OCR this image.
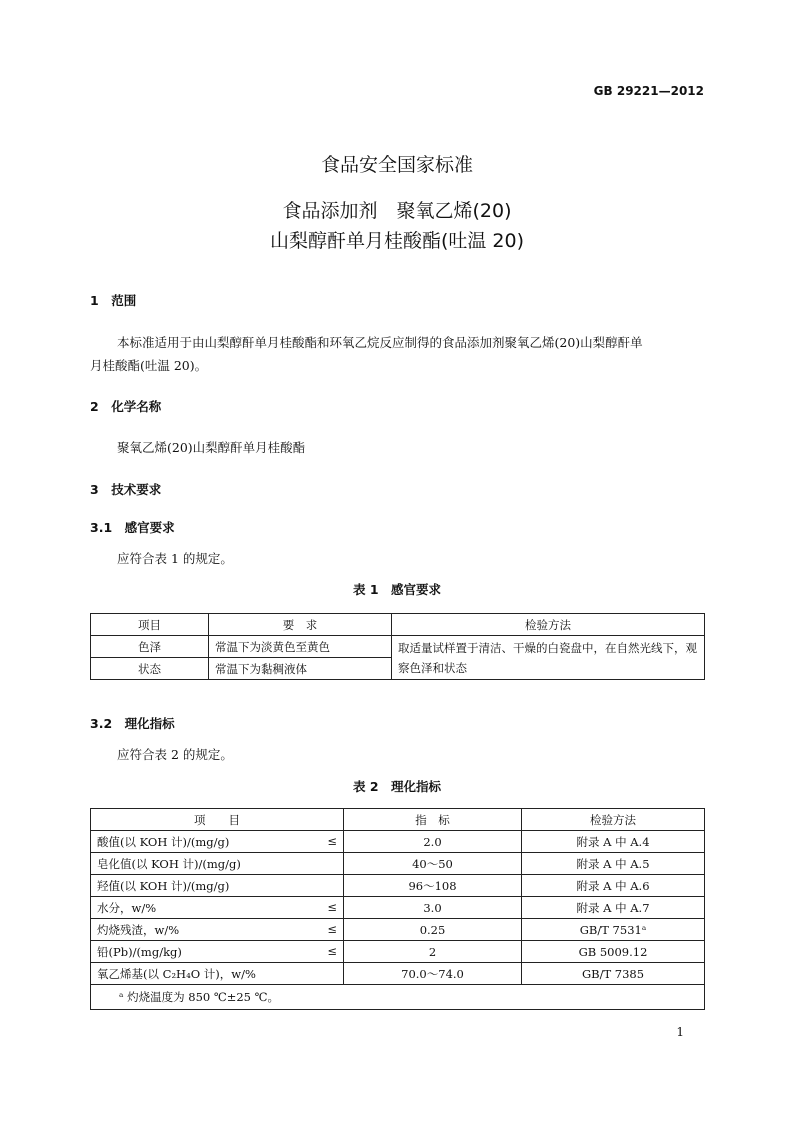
GB 29221—2012
食品安全国家标准
食品添加剂　聚氧乙烯(20)
山梨醇酐单月桂酸酯(吐温 20)
1　范围
本标准适用于由山梨醇酐单月桂酸酯和环氧乙烷反应制得的食品添加剂聚氧乙烯(20)山梨醇酐单
月桂酸酯(吐温 20)。
2　化学名称
聚氧乙烯(20)山梨醇酐单月桂酸酯
3　技术要求
3.1　感官要求
应符合表 1 的规定。
表 1　感官要求
项目	要　求	检验方法
色泽	常温下为淡黄色至黄色	取适量试样置于清洁、干燥的白瓷盘中，在自然光线下，观察色泽和状态
状态	常温下为黏稠液体	
3.2　理化指标
应符合表 2 的规定。
表 2　理化指标
项　　目	指　标	检验方法
酸值(以 KOH 计)/(mg/g) ≤	2.0	附录 A 中 A.4
皂化值(以 KOH 计)/(mg/g)	40～50	附录 A 中 A.5
羟值(以 KOH 计)/(mg/g)	96～108	附录 A 中 A.6
水分，w/% ≤	3.0	附录 A 中 A.7
灼烧残渣，w/% ≤	0.25	GB/T 7531ᵃ
铅(Pb)/(mg/kg) ≤	2	GB 5009.12
氧乙烯基(以 C₂H₄O 计)，w/%	70.0～74.0	GB/T 7385
ᵃ 灼烧温度为 850 ℃±25 ℃。		
1
